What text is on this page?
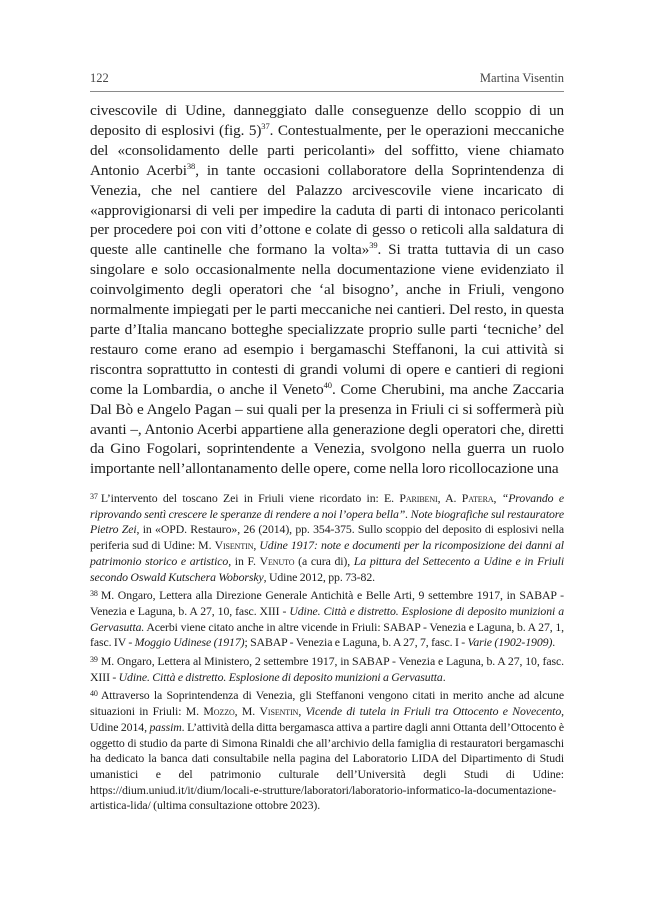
122	Martina Visentin

civescovile di Udine, danneggiato dalle conseguenze dello scoppio di un deposito di esplosivi (fig. 5)$^{37}$. Contestualmente, per le operazioni meccaniche del «consolidamento delle parti pericolanti» del soffitto, viene chiamato Antonio Acerbi$^{38}$, in tante occasioni collaboratore della Soprintendenza di Venezia, che nel cantiere del Palazzo arcivescovile viene incaricato di «approvigionarsi di veli per impedire la caduta di parti di intonaco pericolanti per procedere poi con viti d’ottone e colate di gesso o reticoli alla saldatura di queste alle cantinelle che formano la volta»$^{39}$. Si tratta tuttavia di un caso singolare e solo occasionalmente nella documentazione viene evidenziato il coinvolgimento degli operatori che ‘al bisogno’, anche in Friuli, vengono normalmente impiegati per le parti meccaniche nei cantieri. Del resto, in questa parte d’Italia mancano botteghe specializzate proprio sulle parti ‘tecniche’ del restauro come erano ad esempio i bergamaschi Steffanoni, la cui attività si riscontra soprattutto in contesti di grandi volumi di opere e cantieri di regioni come la Lombardia, o anche il Veneto$^{40}$. Come Cherubini, ma anche Zaccaria Dal Bò e Angelo Pagan – sui quali per la presenza in Friuli ci si soffermerà più avanti –, Antonio Acerbi appartiene alla generazione degli operatori che, diretti da Gino Fogolari, soprintendente a Venezia, svolgono nella guerra un ruolo importante nell’allontanamento delle opere, come nella loro ricollocazione una

$^{37}$ L’intervento del toscano Zei in Friuli viene ricordato in: E. Paribeni, A. Patera, “Provando e riprovando sentì crescere le speranze di rendere a noi l’opera bella”. Note biografiche sul restauratore Pietro Zei, in «OPD. Restauro», 26 (2014), pp. 354-375. Sullo scoppio del deposito di esplosivi nella periferia sud di Udine: M. Visentin, Udine 1917: note e documenti per la ricomposizione dei danni al patrimonio storico e artistico, in F. Venuto (a cura di), La pittura del Settecento a Udine e in Friuli secondo Oswald Kutschera Woborsky, Udine 2012, pp. 73-82.

$^{38}$ M. Ongaro, Lettera alla Direzione Generale Antichità e Belle Arti, 9 settembre 1917, in SABAP - Venezia e Laguna, b. A 27, 10, fasc. XIII - Udine. Città e distretto. Esplosione di deposito munizioni a Gervasutta. Acerbi viene citato anche in altre vicende in Friuli: SABAP - Venezia e Laguna, b. A 27, 1, fasc. IV - Moggio Udinese (1917); SABAP - Venezia e Laguna, b. A 27, 7, fasc. I - Varie (1902-1909).

$^{39}$ M. Ongaro, Lettera al Ministero, 2 settembre 1917, in SABAP - Venezia e Laguna, b. A 27, 10, fasc. XIII - Udine. Città e distretto. Esplosione di deposito munizioni a Gervasutta.

$^{40}$ Attraverso la Soprintendenza di Venezia, gli Steffanoni vengono citati in merito anche ad alcune situazioni in Friuli: M. Mozzo, M. Visentin, Vicende di tutela in Friuli tra Ottocento e Novecento, Udine 2014, passim. L’attività della ditta bergamasca attiva a partire dagli anni Ottanta dell’Ottocento è oggetto di studio da parte di Simona Rinaldi che all’archivio della famiglia di restauratori bergamaschi ha dedicato la banca dati consultabile nella pagina del Laboratorio LIDA del Dipartimento di Studi umanistici e del patrimonio culturale dell’Università degli Studi di Udine: https://dium.uniud.it/it/dium/locali-e-strutture/laboratori/laboratorio-informatico-la-documentazione-artistica-lida/ (ultima consultazione ottobre 2023).
